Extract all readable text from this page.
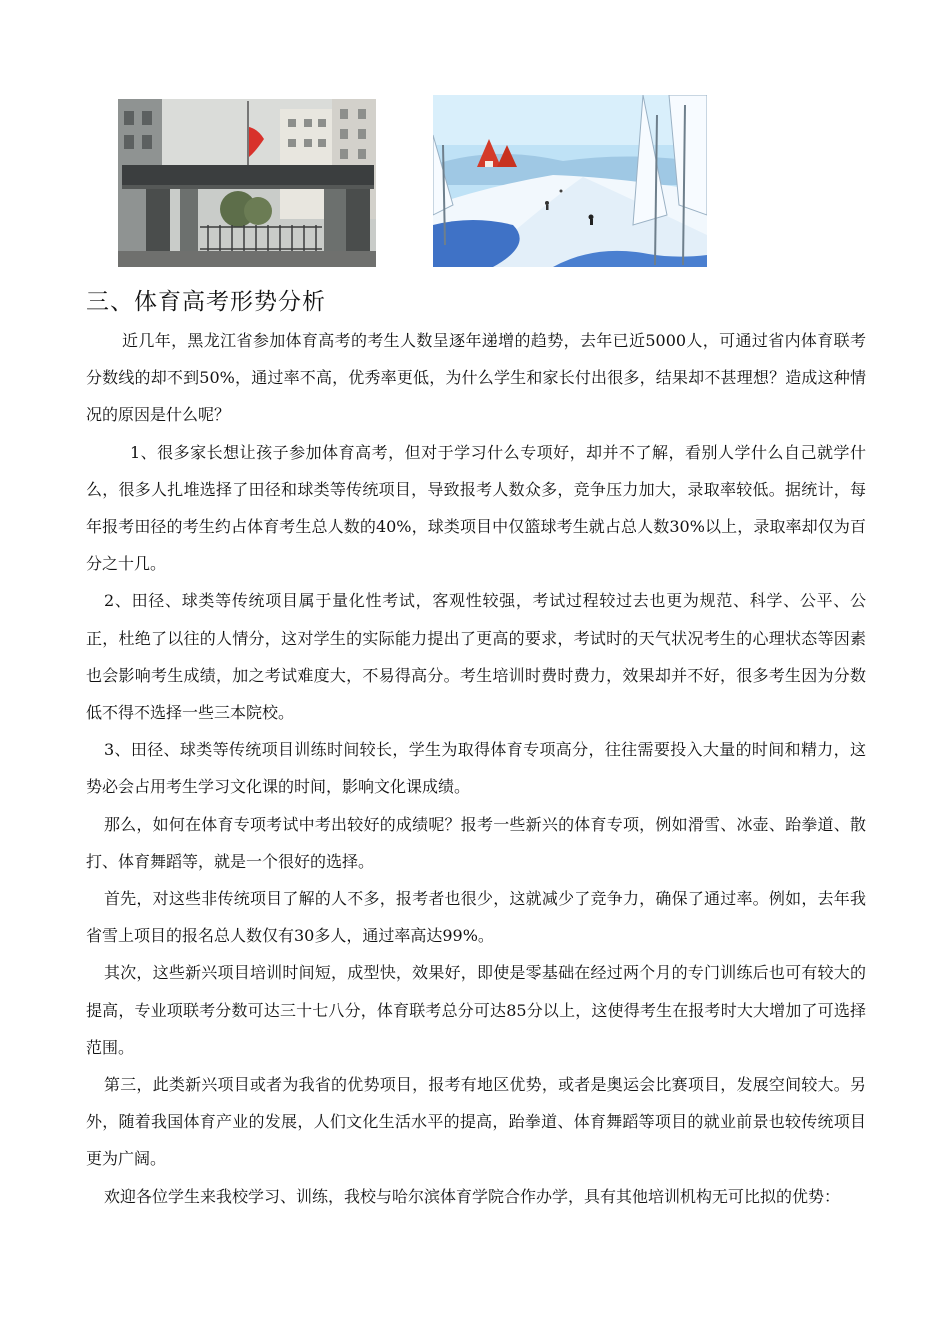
三、体育高考形势分析

近几年，黑龙江省参加体育高考的考生人数呈逐年递增的趋势，去年已近5000人，可通过省内体育联考分数线的却不到50%，通过率不高，优秀率更低，为什么学生和家长付出很多，结果却不甚理想？造成这种情况的原因是什么呢？

1、很多家长想让孩子参加体育高考，但对于学习什么专项好，却并不了解，看别人学什么自己就学什么，很多人扎堆选择了田径和球类等传统项目，导致报考人数众多，竞争压力加大，录取率较低。据统计，每年报考田径的考生约占体育考生总人数的40%，球类项目中仅篮球考生就占总人数30%以上，录取率却仅为百分之十几。

2、田径、球类等传统项目属于量化性考试，客观性较强，考试过程较过去也更为规范、科学、公平、公正，杜绝了以往的人情分，这对学生的实际能力提出了更高的要求，考试时的天气状况考生的心理状态等因素也会影响考生成绩，加之考试难度大，不易得高分。考生培训时费时费力，效果却并不好，很多考生因为分数低不得不选择一些三本院校。

3、田径、球类等传统项目训练时间较长，学生为取得体育专项高分，往往需要投入大量的时间和精力，这势必会占用考生学习文化课的时间，影响文化课成绩。

那么，如何在体育专项考试中考出较好的成绩呢？报考一些新兴的体育专项，例如滑雪、冰壶、跆拳道、散打、体育舞蹈等，就是一个很好的选择。

首先，对这些非传统项目了解的人不多，报考者也很少，这就减少了竞争力，确保了通过率。例如，去年我省雪上项目的报名总人数仅有30多人，通过率高达99%。

其次，这些新兴项目培训时间短，成型快，效果好，即使是零基础在经过两个月的专门训练后也可有较大的提高，专业项联考分数可达三十七八分，体育联考总分可达85分以上，这使得考生在报考时大大增加了可选择范围。

第三，此类新兴项目或者为我省的优势项目，报考有地区优势，或者是奥运会比赛项目，发展空间较大。另外，随着我国体育产业的发展，人们文化生活水平的提高，跆拳道、体育舞蹈等项目的就业前景也较传统项目更为广阔。

欢迎各位学生来我校学习、训练，我校与哈尔滨体育学院合作办学，具有其他培训机构无可比拟的优势：
